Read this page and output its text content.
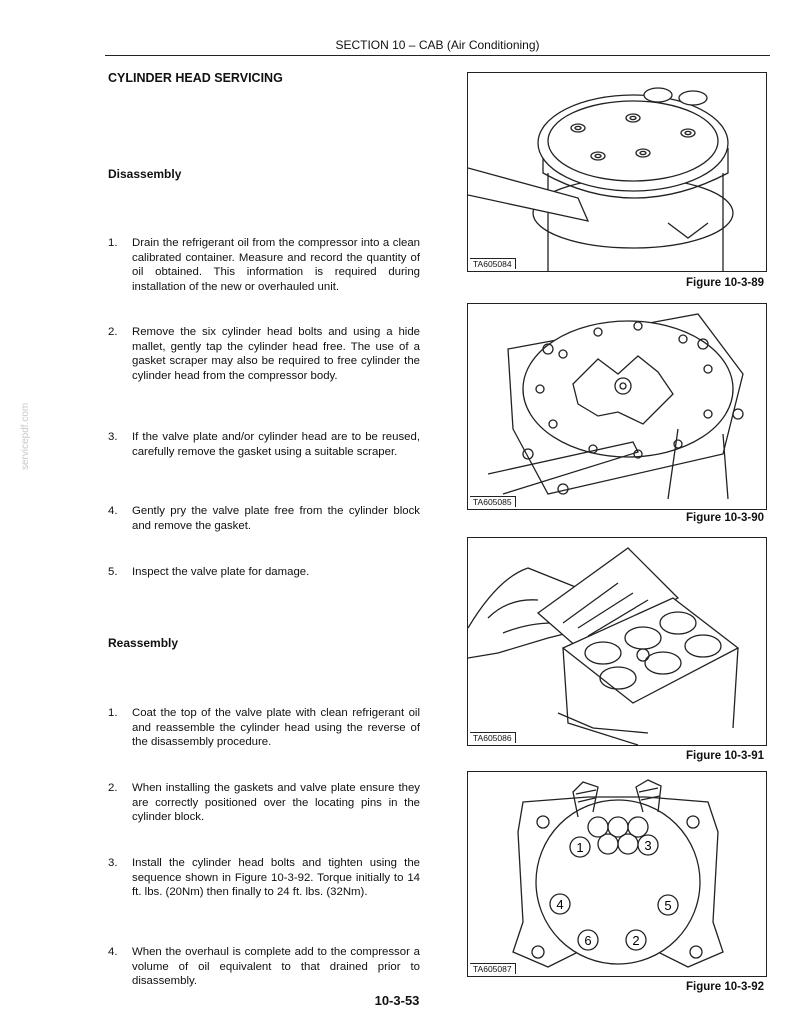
SECTION 10 – CAB (Air Conditioning)
servicepdf.com
CYLINDER HEAD SERVICING
Disassembly
1.	Drain the refrigerant oil from the compressor into a clean calibrated container. Measure and record the quantity of oil obtained. This information is required during installation of the new or overhauled unit.
2.	Remove the six cylinder head bolts and using a hide mallet, gently tap the cylinder head free. The use of a gasket scraper may also be required to free cylinder the cylinder head from the compressor body.
3.	If the valve plate and/or cylinder head are to be reused, carefully remove the gasket using a suitable scraper.
4.	Gently pry the valve plate free from the cylinder block and remove the gasket.
5.	Inspect the valve plate for damage.
Reassembly
1.	Coat the top of the valve plate with clean refrigerant oil and reassemble the cylinder head using the reverse of the disassembly procedure.
2.	When installing the gaskets and valve plate ensure they are correctly positioned over the locating pins in the cylinder block.
3.	Install the cylinder head bolts and tighten using the sequence shown in Figure 10-3-92. Torque initially to 14 ft. lbs. (20Nm) then finally to 24 ft. lbs. (32Nm).
4.	When the overhaul is complete add to the compressor a volume of oil equivalent to that drained prior to disassembly.
TA605084
Figure 10-3-89
TA605085
Figure 10-3-90
TA605086
Figure 10-3-91
1	3
4	5
6	2
TA605087
Figure 10-3-92
10-3-53
